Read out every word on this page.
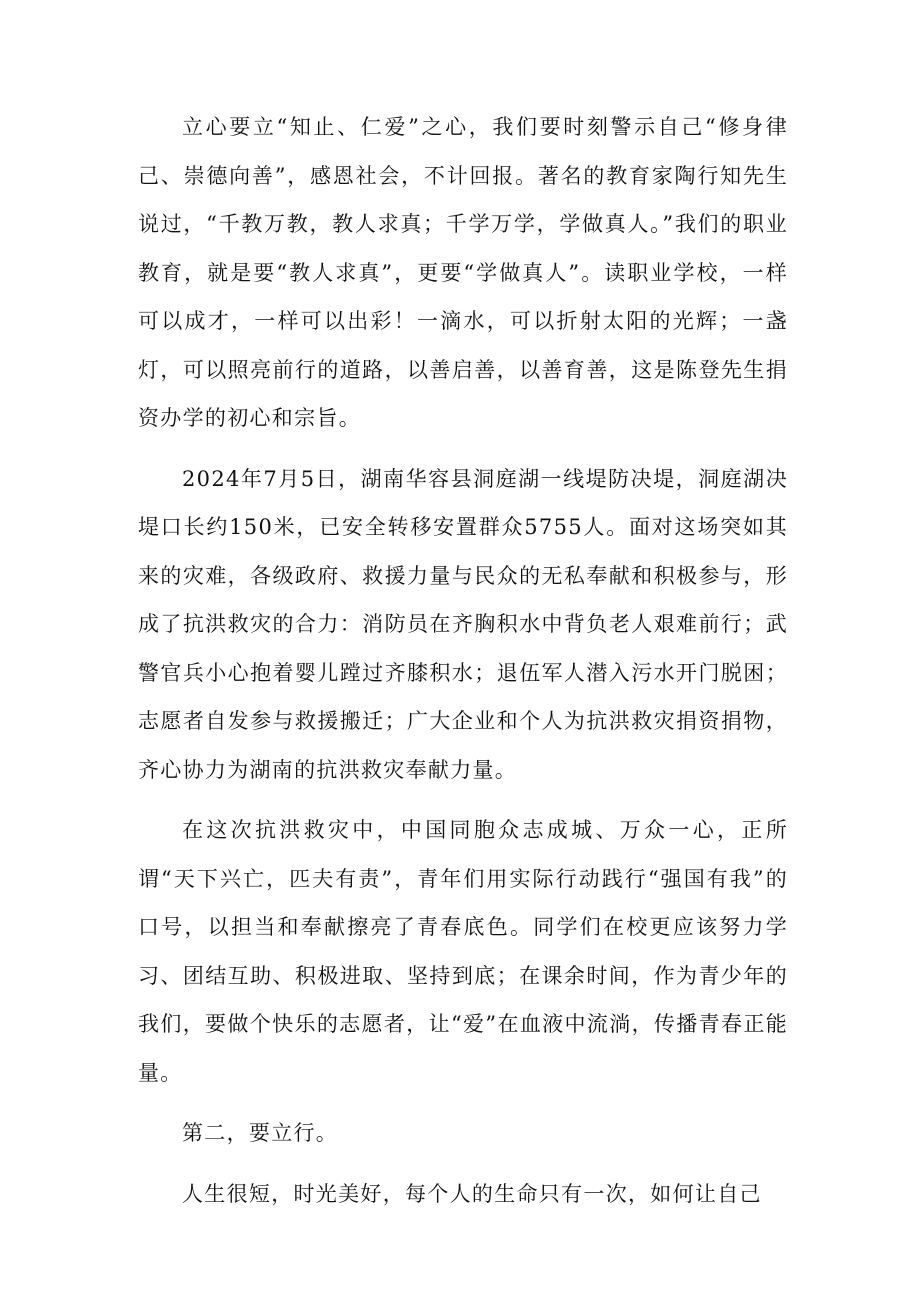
立心要立“知止、仁爱”之心，我们要时刻警示自己“修身律己、崇德向善”，感恩社会，不计回报。著名的教育家陶行知先生说过，“千教万教，教人求真；千学万学，学做真人。”我们的职业教育，就是要“教人求真”，更要“学做真人”。读职业学校，一样可以成才，一样可以出彩！一滴水，可以折射太阳的光辉；一盏灯，可以照亮前行的道路，以善启善，以善育善，这是陈登先生捐资办学的初心和宗旨。

2024年7月5日，湖南华容县洞庭湖一线堤防决堤，洞庭湖决堤口长约150米，已安全转移安置群众5755人。面对这场突如其来的灾难，各级政府、救援力量与民众的无私奉献和积极参与，形成了抗洪救灾的合力：消防员在齐胸积水中背负老人艰难前行；武警官兵小心抱着婴儿蹚过齐膝积水；退伍军人潜入污水开门脱困；志愿者自发参与救援搬迁；广大企业和个人为抗洪救灾捐资捐物，齐心协力为湖南的抗洪救灾奉献力量。

在这次抗洪救灾中，中国同胞众志成城、万众一心，正所谓“天下兴亡，匹夫有责”，青年们用实际行动践行“强国有我”的口号，以担当和奉献擦亮了青春底色。同学们在校更应该努力学习、团结互助、积极进取、坚持到底；在课余时间，作为青少年的我们，要做个快乐的志愿者，让“爱”在血液中流淌，传播青春正能量。

第二，要立行。

人生很短，时光美好，每个人的生命只有一次，如何让自己
